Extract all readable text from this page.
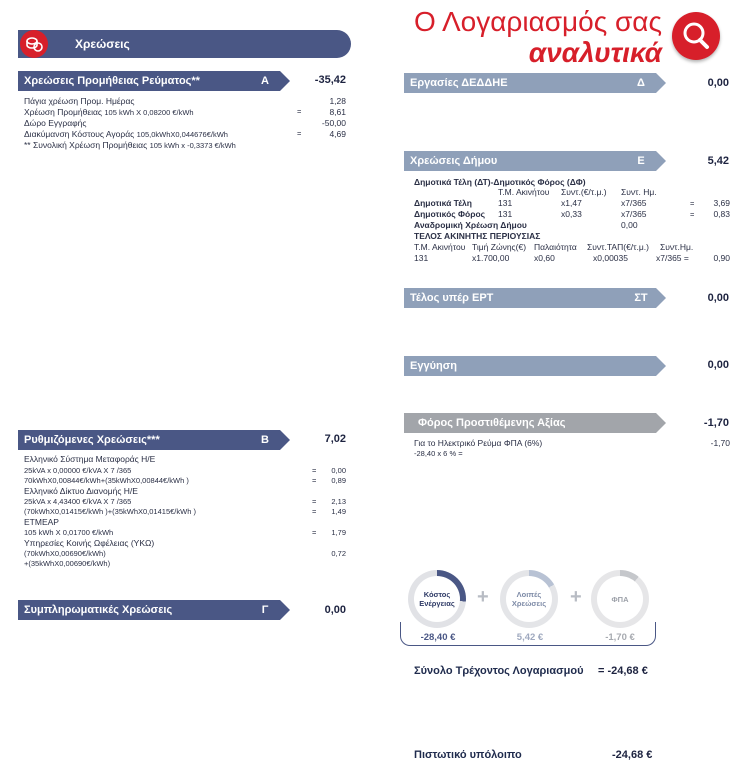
Ο Λογαριασμός σας
αναλυτικά
Χρεώσεις
Χρεώσεις Προμήθειας Ρεύματος**	Α	-35,42
Πάγια χρέωση Προμ. Ημέρας	1,28
Χρέωση Προμήθειας 105 kWh X 0,08200 €/kWh	=	8,61
Δώρο Εγγραφής	-50,00
Διακύμανση Κόστους Αγοράς 105,0kWhX0,044676€/kWh	=	4,69
** Συνολική Χρέωση Προμήθειας 105 kWh x -0,3373 €/kWh
Ρυθμιζόμενες Χρεώσεις***	Β	7,02
Ελληνικό Σύστημα Μεταφοράς Η/Ε
25kVA x 0,00000 €/kVA X 7 /365	=	0,00
70kWhX0,00844€/kWh+(35kWhX0,00844€/kWh )	=	0,89
Ελληνικό Δίκτυο Διανομής Η/Ε
25kVA x 4,43400 €/kVA X 7 /365	=	2,13
(70kWhX0,01415€/kWh )+(35kWhX0,01415€/kWh )	=	1,49
ΕΤΜΕΑΡ
105 kWh X 0,01700 €/kWh	=	1,79
Υπηρεσίες Κοινής Ωφέλειας (ΥΚΩ)
(70kWhX0,00690€/kWh)	0,72
+(35kWhX0,00690€/kWh)
Συμπληρωματικές Χρεώσεις	Γ	0,00
Εργασίες ΔΕΔΔΗΕ	Δ	0,00
Χρεώσεις Δήμου	Ε	5,42
Δημοτικά Τέλη (ΔΤ)-Δημοτικός Φόρος (ΔΦ)
Τ.Μ. Ακινήτου Συντ.(€/τ.μ.) Συντ. Ημ.
Δημοτικά Τέλη	131	x1,47	x7/365	=	3,69
Δημοτικός Φόρος 131	x0,33	x7/365	=	0,83
Αναδρομική Χρέωση Δήμου	0,00
ΤΕΛΟΣ ΑΚΙΝΗΤΗΣ ΠΕΡΙΟΥΣΙΑΣ
Τ.Μ. Ακινήτου Τιμή Ζώνης(€) Παλαιότητα Συντ.ΤΑΠ(€/τ.μ.) Συντ.Ημ.
131	x1.700,00	x0,60	x0,00035	x7/365 =	0,90
Τέλος υπέρ ΕΡΤ	ΣΤ	0,00
Εγγύηση	0,00
Φόρος Προστιθέμενης Αξίας	-1,70
Για το Ηλεκτρικό Ρεύμα ΦΠΑ (6%)	-1,70
-28,40 x 6 % =
Κόστος
Ενέργειας +	Λοιπές
Χρεώσεις +	ΦΠΑ
-28,40 €	5,42 €	-1,70 €
Σύνολο Τρέχοντος Λογαριασμού = -24,68 €
Πιστωτικό υπόλοιπο	-24,68 €
